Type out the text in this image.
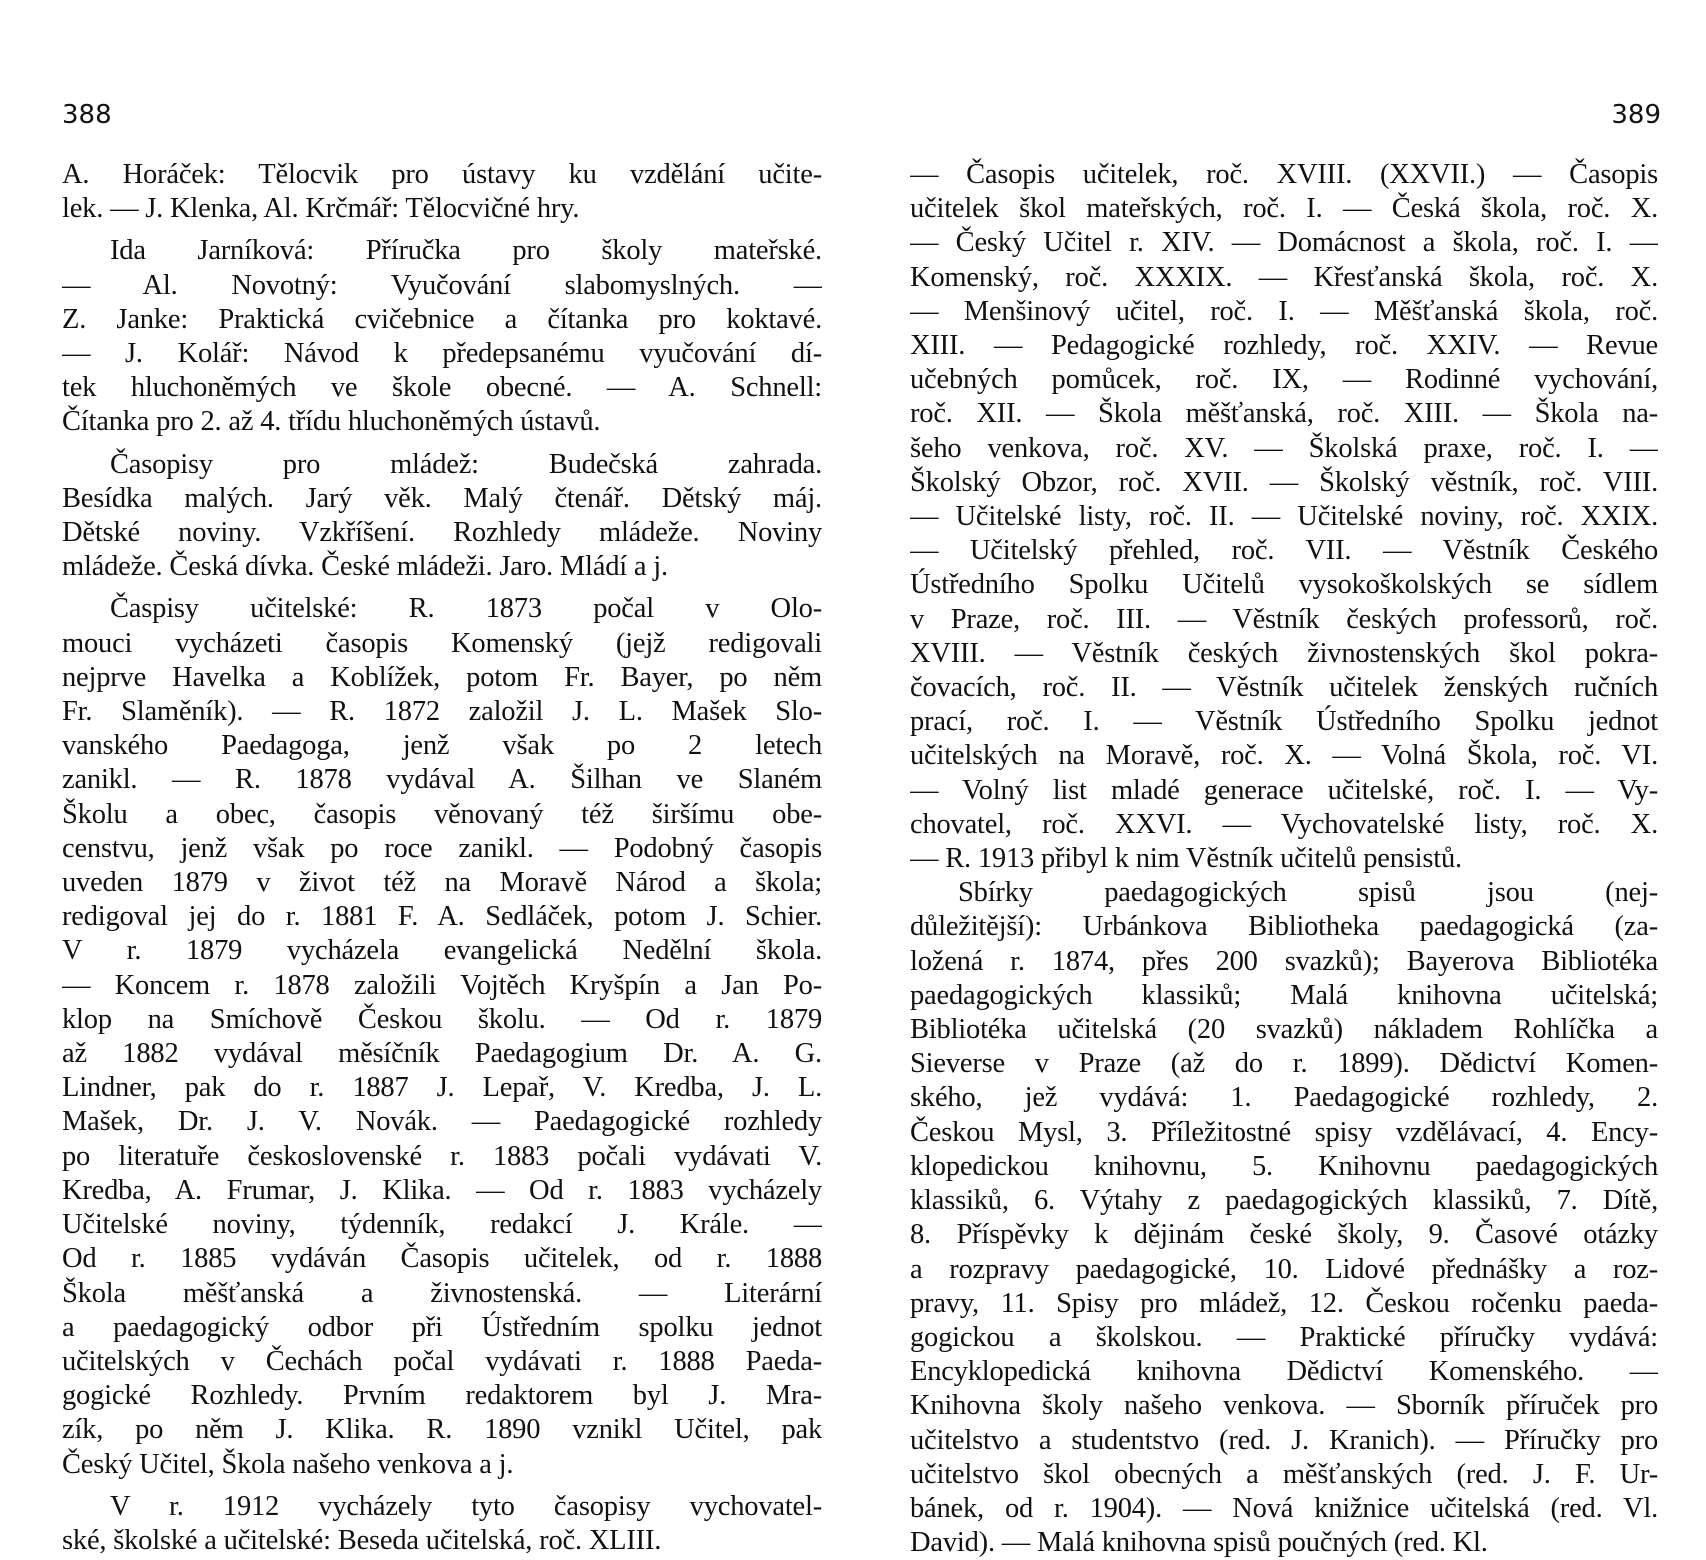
388	389
A. Horáček: Tělocvik pro ústavy ku vzdělání učite-
lek. — J. Klenka, Al. Krčmář: Tělocvičné hry.
Ida Jarníková: Příručka pro školy mateřské.
— Al. Novotný: Vyučování slabomyslných. —
Z. Janke: Praktická cvičebnice a čítanka pro koktavé.
— J. Kolář: Návod k předepsanému vyučování dí-
tek hluchoněmých ve škole obecné. — A. Schnell:
Čítanka pro 2. až 4. třídu hluchoněmých ústavů.
Časopisy pro mládež: Budečská zahrada.
Besídka malých. Jarý věk. Malý čtenář. Dětský máj.
Dětské noviny. Vzkříšení. Rozhledy mládeže. Noviny
mládeže. Česká dívka. České mládeži. Jaro. Mládí a j.
Časpisy učitelské: R. 1873 počal v Olo-
mouci vycházeti časopis Komenský (jejž redigovali
nejprve Havelka a Koblížek, potom Fr. Bayer, po něm
Fr. Slaměník). — R. 1872 založil J. L. Mašek Slo-
vanského Paedagoga, jenž však po 2 letech
zanikl. — R. 1878 vydával A. Šilhan ve Slaném
Školu a obec, časopis věnovaný též širšímu obe-
censtvu, jenž však po roce zanikl. — Podobný časopis
uveden 1879 v život též na Moravě Národ a škola;
redigoval jej do r. 1881 F. A. Sedláček, potom J. Schier.
V r. 1879 vycházela evangelická Nedělní škola.
— Koncem r. 1878 založili Vojtěch Kryšpín a Jan Po-
klop na Smíchově Českou školu. — Od r. 1879
až 1882 vydával měsíčník Paedagogium Dr. A. G.
Lindner, pak do r. 1887 J. Lepař, V. Kredba, J. L.
Mašek, Dr. J. V. Novák. — Paedagogické rozhledy
po literatuře československé r. 1883 počali vydávati V.
Kredba, A. Frumar, J. Klika. — Od r. 1883 vycházely
Učitelské noviny, týdenník, redakcí J. Krále. —
Od r. 1885 vydáván Časopis učitelek, od r. 1888
Škola měšťanská a živnostenská. — Literární
a paedagogický odbor při Ústředním spolku jednot
učitelských v Čechách počal vydávati r. 1888 Paeda-
gogické Rozhledy. Prvním redaktorem byl J. Mra-
zík, po něm J. Klika. R. 1890 vznikl Učitel, pak
Český Učitel, Škola našeho venkova a j.
V r. 1912 vycházely tyto časopisy vychovatel-
ské, školské a učitelské: Beseda učitelská, roč. XLIII.
— Časopis učitelek, roč. XVIII. (XXVII.) — Časopis
učitelek škol mateřských, roč. I. — Česká škola, roč. X.
— Český Učitel r. XIV. — Domácnost a škola, roč. I. —
Komenský, roč. XXXIX. — Křesťanská škola, roč. X.
— Menšinový učitel, roč. I. — Měšťanská škola, roč.
XIII. — Pedagogické rozhledy, roč. XXIV. — Revue
učebných pomůcek, roč. IX, — Rodinné vychování,
roč. XII. — Škola měšťanská, roč. XIII. — Škola na-
šeho venkova, roč. XV. — Školská praxe, roč. I. —
Školský Obzor, roč. XVII. — Školský věstník, roč. VIII.
— Učitelské listy, roč. II. — Učitelské noviny, roč. XXIX.
— Učitelský přehled, roč. VII. — Věstník Českého
Ústředního Spolku Učitelů vysokoškolských se sídlem
v Praze, roč. III. — Věstník českých professorů, roč.
XVIII. — Věstník českých živnostenských škol pokra-
čovacích, roč. II. — Věstník učitelek ženských ručních
prací, roč. I. — Věstník Ústředního Spolku jednot
učitelských na Moravě, roč. X. — Volná Škola, roč. VI.
— Volný list mladé generace učitelské, roč. I. — Vy-
chovatel, roč. XXVI. — Vychovatelské listy, roč. X.
— R. 1913 přibyl k nim Věstník učitelů pensistů.
Sbírky paedagogických spisů jsou (nej-
důležitější): Urbánkova Bibliotheka paedagogická (za-
ložená r. 1874, přes 200 svazků); Bayerova Bibliotéka
paedagogických klassiků; Malá knihovna učitelská;
Bibliotéka učitelská (20 svazků) nákladem Rohlíčka a
Sieverse v Praze (až do r. 1899). Dědictví Komen-
ského, jež vydává: 1. Paedagogické rozhledy, 2.
Českou Mysl, 3. Příležitostné spisy vzdělávací, 4. Ency-
klopedickou knihovnu, 5. Knihovnu paedagogických
klassiků, 6. Výtahy z paedagogických klassiků, 7. Dítě,
8. Příspěvky k dějinám české školy, 9. Časové otázky
a rozpravy paedagogické, 10. Lidové přednášky a roz-
pravy, 11. Spisy pro mládež, 12. Českou ročenku paeda-
gogickou a školskou. — Praktické příručky vydává:
Encyklopedická knihovna Dědictví Komenského. —
Knihovna školy našeho venkova. — Sborník příruček pro
učitelstvo a studentstvo (red. J. Kranich). — Příručky pro
učitelstvo škol obecných a měšťanských (red. J. F. Ur-
bánek, od r. 1904). — Nová knižnice učitelská (red. Vl.
David). — Malá knihovna spisů poučných (red. Kl.
